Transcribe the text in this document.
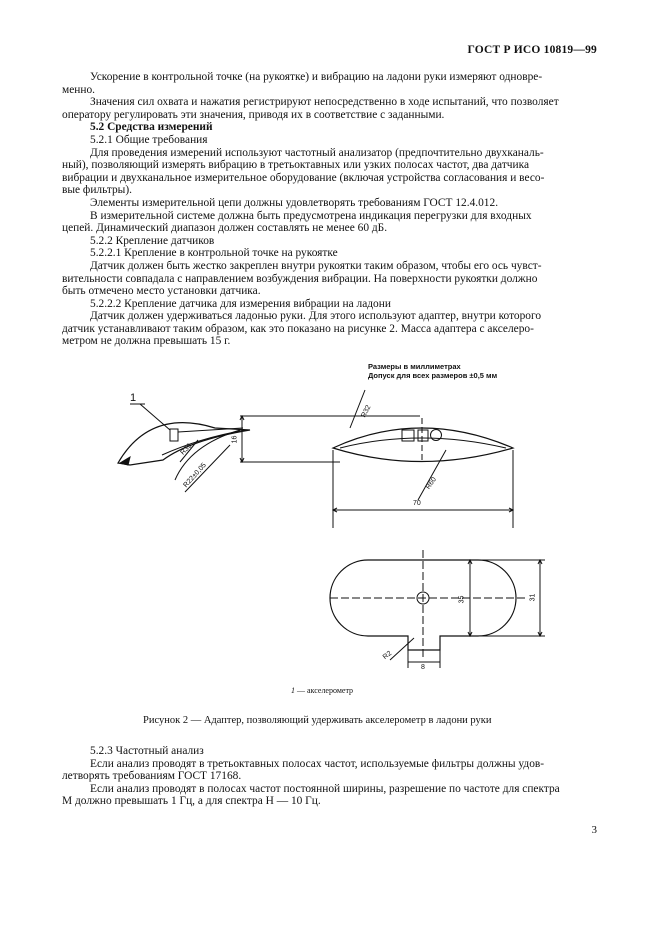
ГОСТ Р ИСО 10819—99

Ускорение в контрольной точке (на рукоятке) и вибрацию на ладони руки измеряют одновре-

менно.

Значения сил охвата и нажатия регистрируют непосредственно в ходе испытаний, что позволяет

оператору регулировать эти значения, приводя их в соответствие с заданными.

5.2 Средства измерений

5.2.1 Общие требования

Для проведения измерений используют частотный анализатор (предпочтительно двухканаль-

ный), позволяющий измерять вибрацию в третьоктавных или узких полосах частот, два датчика

вибрации и двухканальное измерительное оборудование (включая устройства согласования и весо-

вые фильтры).

Элементы измерительной цепи должны удовлетворять требованиям ГОСТ 12.4.012.

В измерительной системе должна быть предусмотрена индикация перегрузки для входных

цепей. Динамический диапазон должен составлять не менее 60 дБ.

5.2.2 Крепление датчиков

5.2.2.1 Крепление в контрольной точке на рукоятке

Датчик должен быть жестко закреплен внутри рукоятки таким образом, чтобы его ось чувст-

вительности совпадала с направлением возбуждения вибрации. На поверхности рукоятки должно

быть отмечено место установки датчика.

5.2.2.2 Крепление датчика для измерения вибрации на ладони

Датчик должен удерживаться ладонью руки. Для этого используют адаптер, внутри которого

датчик устанавливают таким образом, как это показано на рисунке 2. Масса адаптера с акселеро-

метром не должна превышать 15 г.

Размеры в миллиметрах
Допуск для всех размеров ±0,5 мм
1
R32
R35
R22±0,05
16
R60
70
35	31
R2
8
1 — акселерометр
Рисунок 2 — Адаптер, позволяющий удерживать акселерометр в ладони руки

5.2.3 Частотный анализ

Если анализ проводят в третьоктавных полосах частот, используемые фильтры должны удов-

летворять требованиям ГОСТ 17168.

Если анализ проводят в полосах частот постоянной ширины, разрешение по частоте для спектра

M должно превышать 1 Гц, а для спектра H — 10 Гц.

3
